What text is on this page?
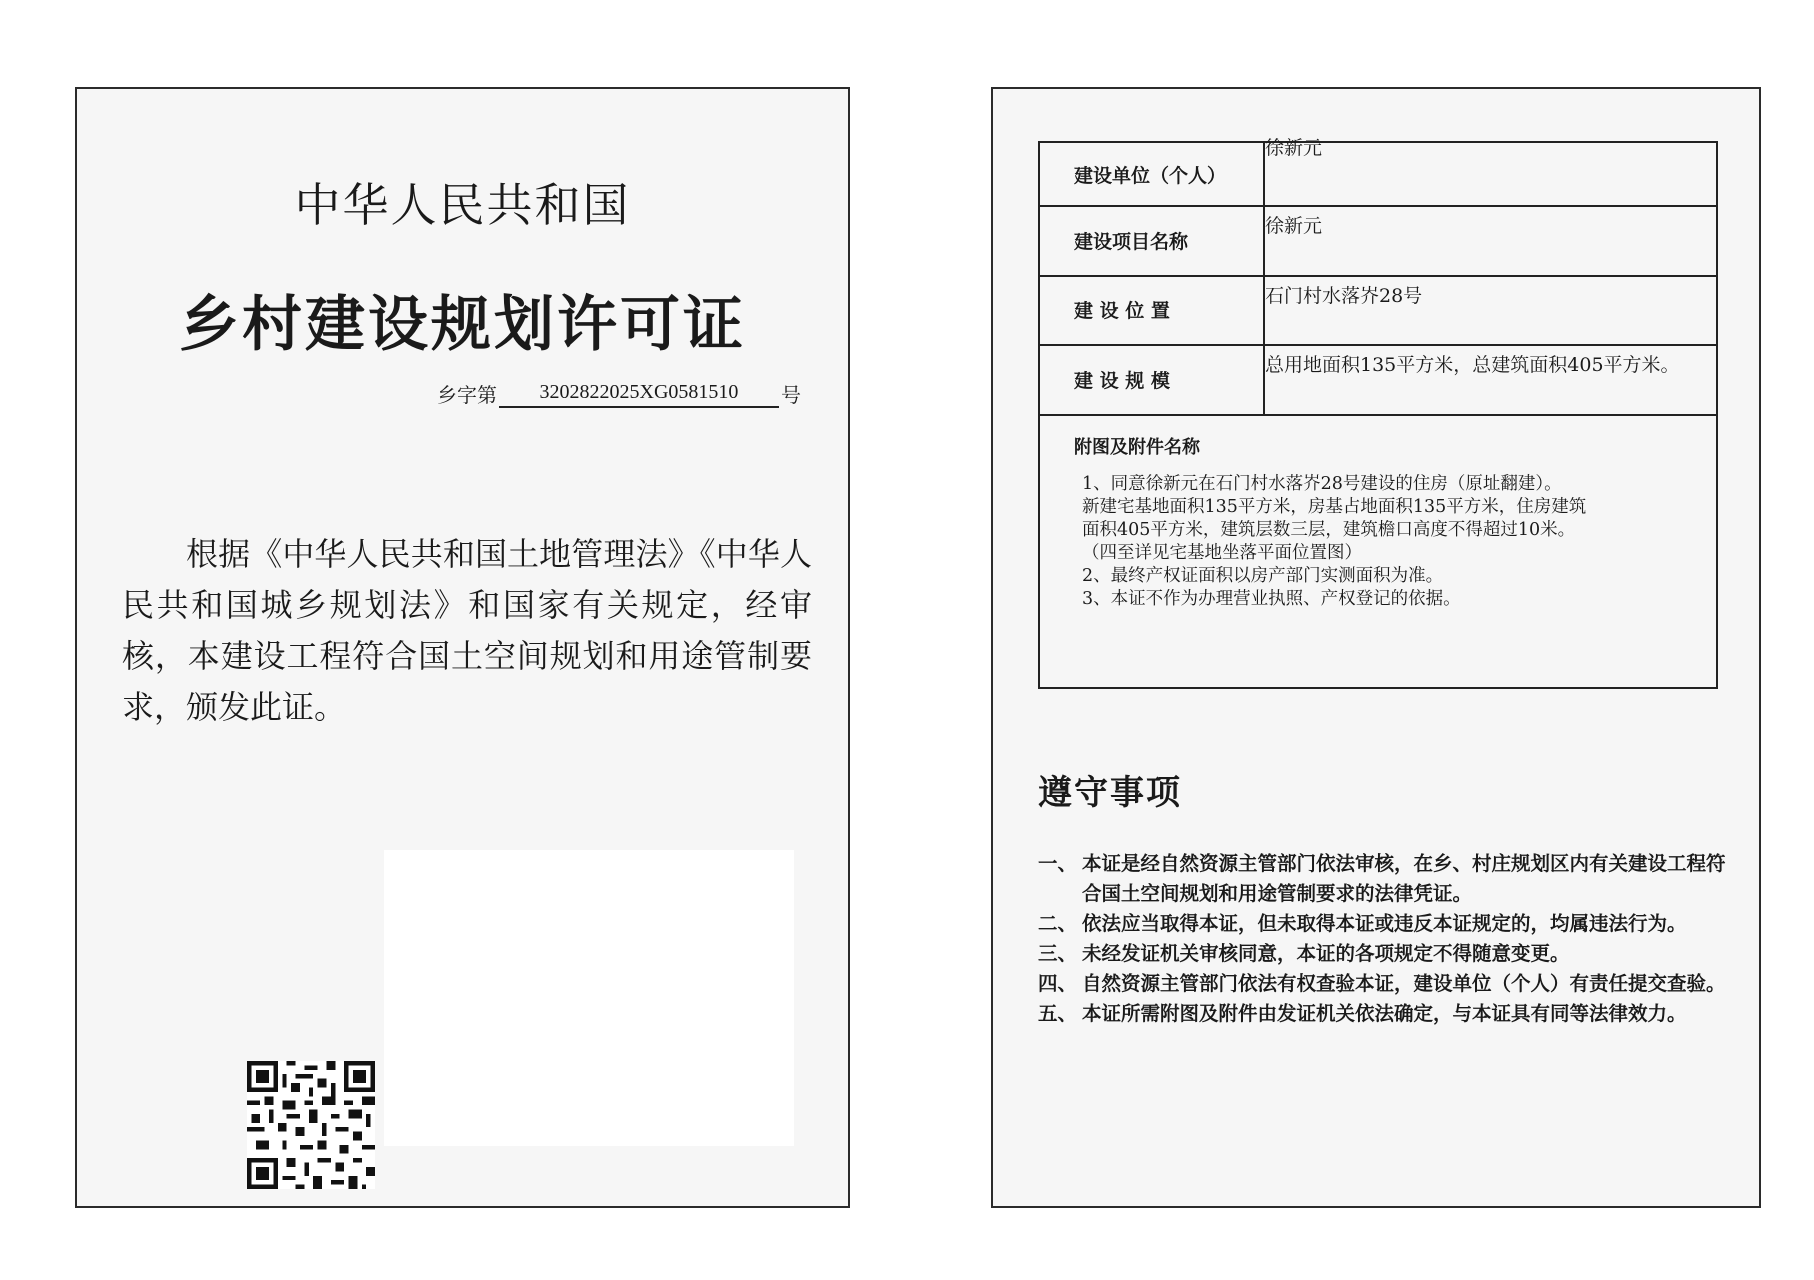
中华人民共和国
乡村建设规划许可证
乡字第	3202822025XG0581510	号
根据《中华人民共和国土地管理法》《中华人民共和国城乡规划法》和国家有关规定，经审核，本建设工程符合国土空间规划和用途管制要求，颁发此证。
建设单位（个人）
徐新元
建设项目名称
徐新元
建 设 位 置
石门村水落岕28号
建 设 规 模
总用地面积135平方米，总建筑面积405平方米。
附图及附件名称
1、同意徐新元在石门村水落岕28号建设的住房（原址翻建）。
新建宅基地面积135平方米，房基占地面积135平方米，住房建筑
面积405平方米，建筑层数三层，建筑檐口高度不得超过10米。
（四至详见宅基地坐落平面位置图）
2、最终产权证面积以房产部门实测面积为准。
3、本证不作为办理营业执照、产权登记的依据。
遵守事项
一、 本证是经自然资源主管部门依法审核，在乡、村庄规划区内有关建设工程符合国土空间规划和用途管制要求的法律凭证。
二、 依法应当取得本证，但未取得本证或违反本证规定的，均属违法行为。
三、 未经发证机关审核同意，本证的各项规定不得随意变更。
四、 自然资源主管部门依法有权查验本证，建设单位（个人）有责任提交查验。
五、 本证所需附图及附件由发证机关依法确定，与本证具有同等法律效力。
